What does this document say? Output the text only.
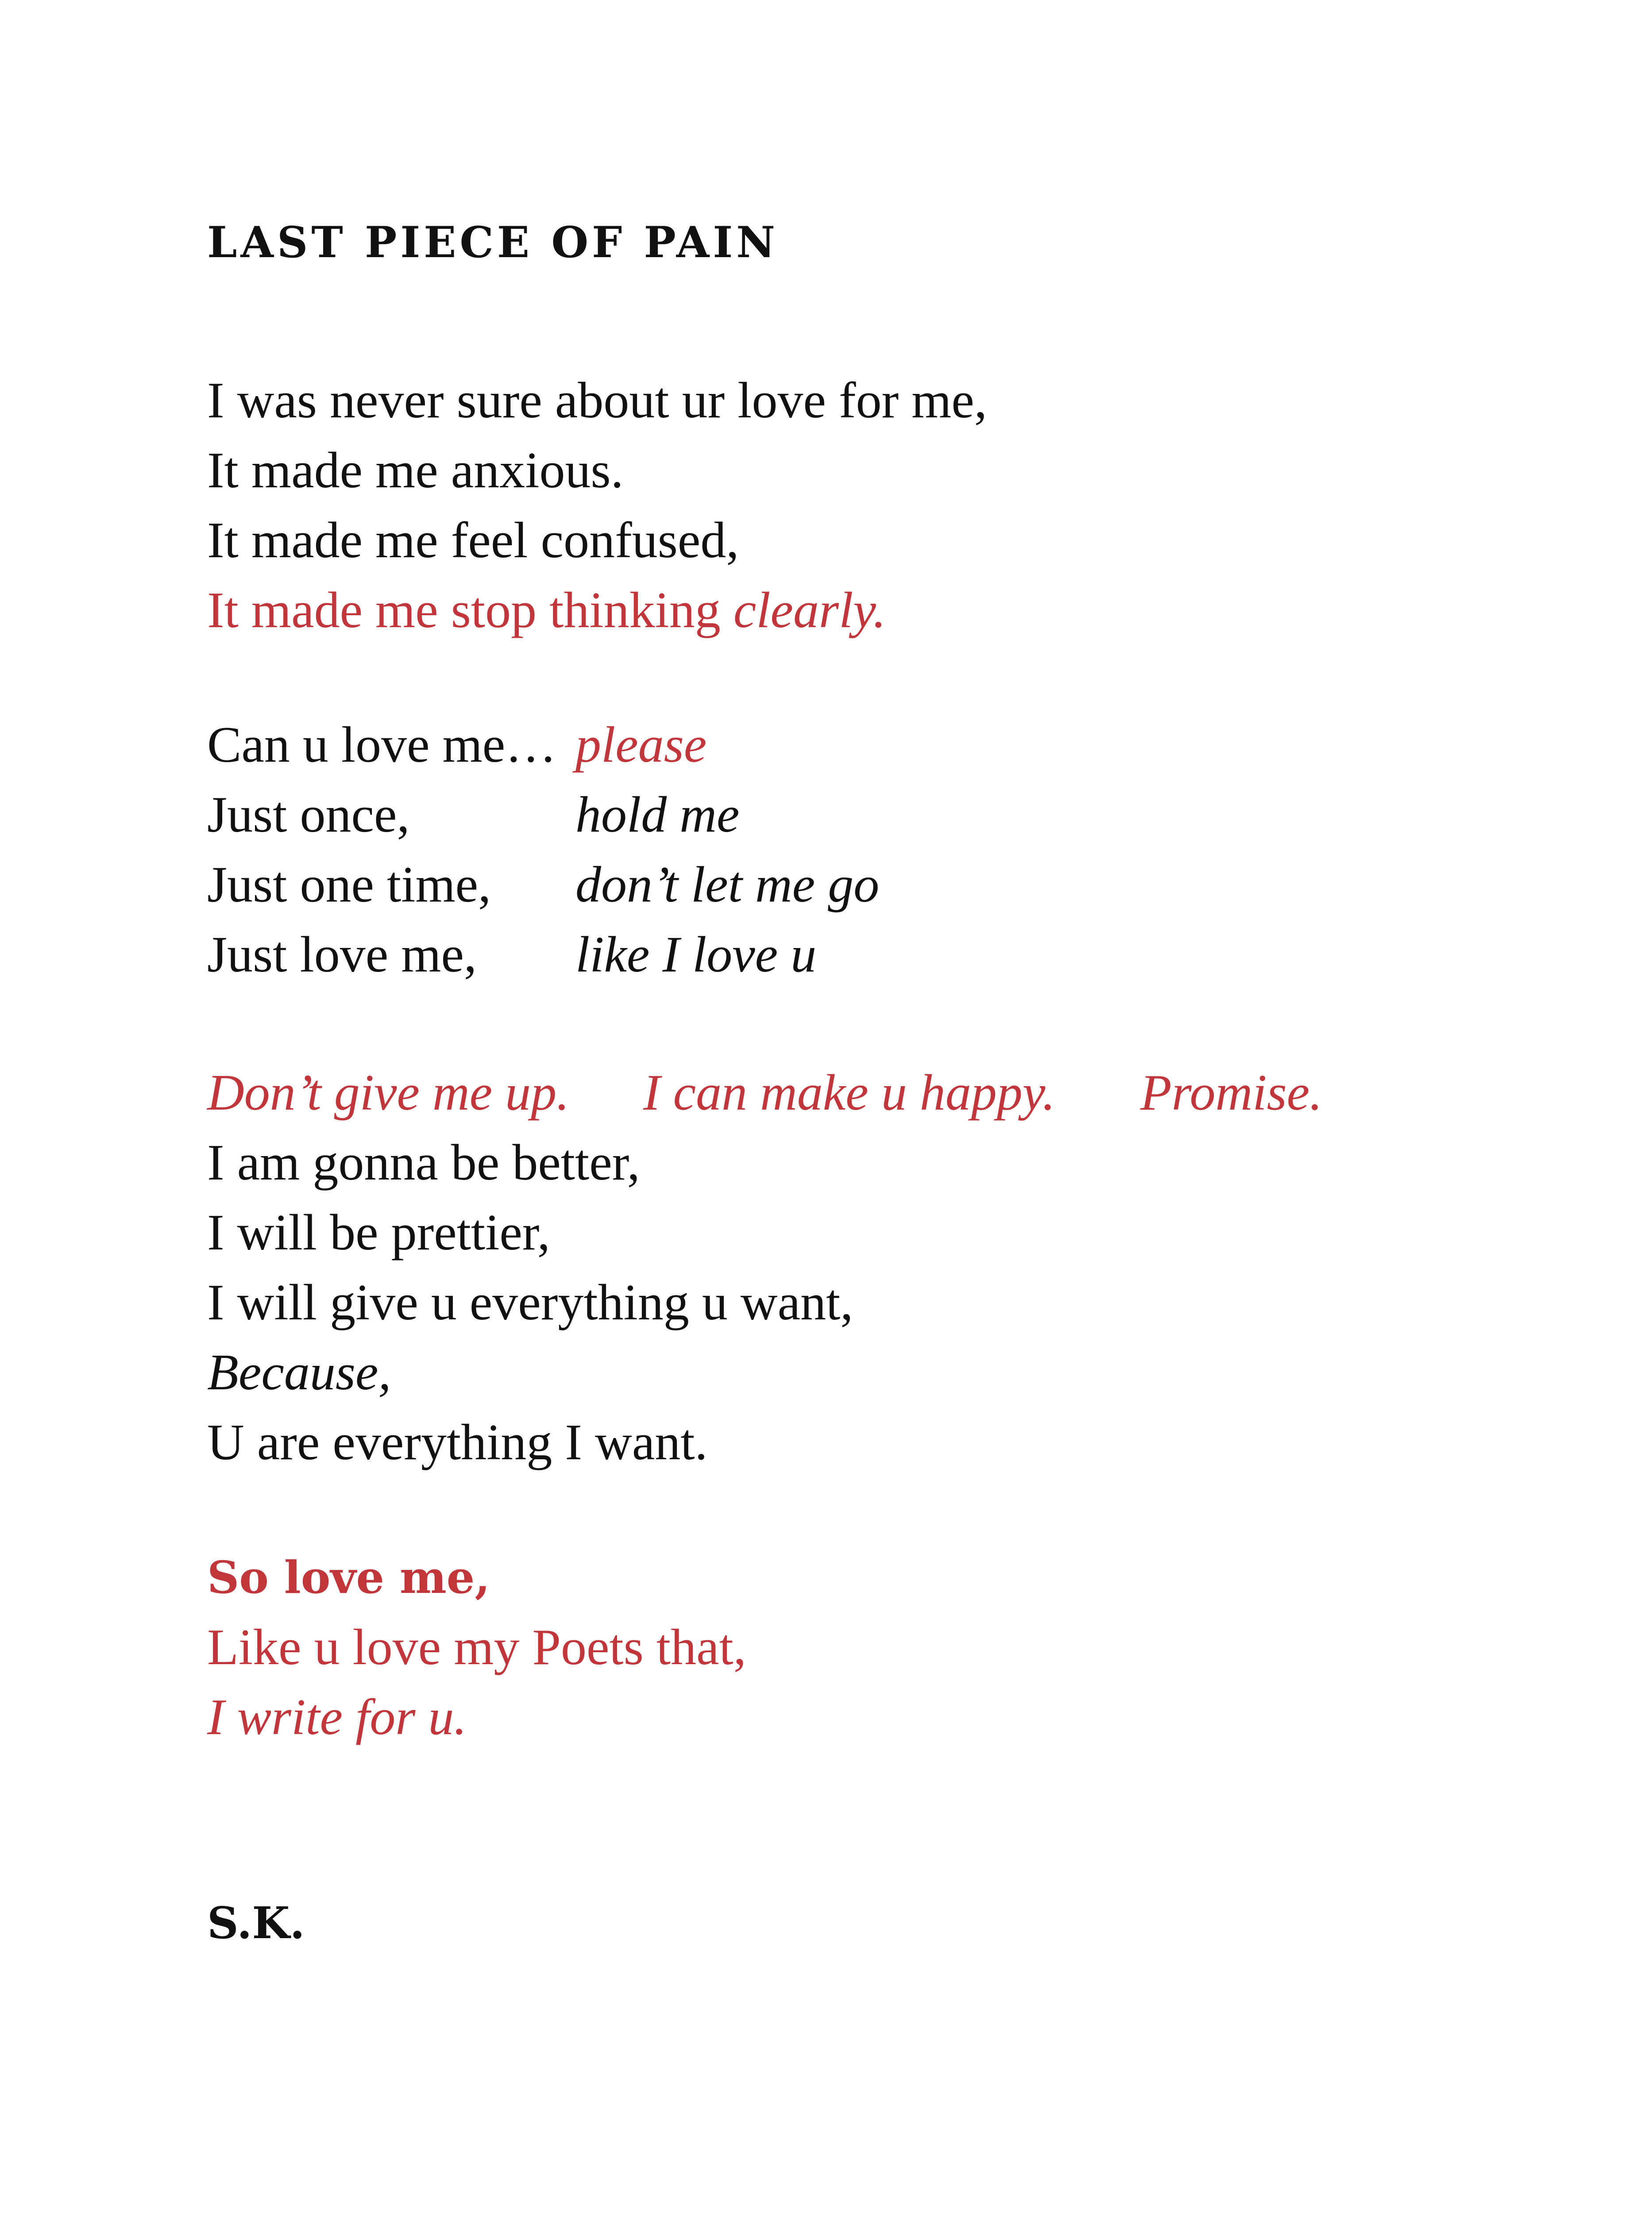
LAST PIECE OF PAIN
I was never sure about ur love for me,
It made me anxious.
It made me feel confused,
It made me stop thinking clearly.
Can u love me… please
Just once,	hold me
Just one time, don’t let me go
Just love me, like I love u
Don’t give me up. I can make u happy. Promise.
I am gonna be better,
I will be prettier,
I will give u everything u want,
Because,
U are everything I want.
So love me,
Like u love my Poets that,
I write for u.
S.K.
